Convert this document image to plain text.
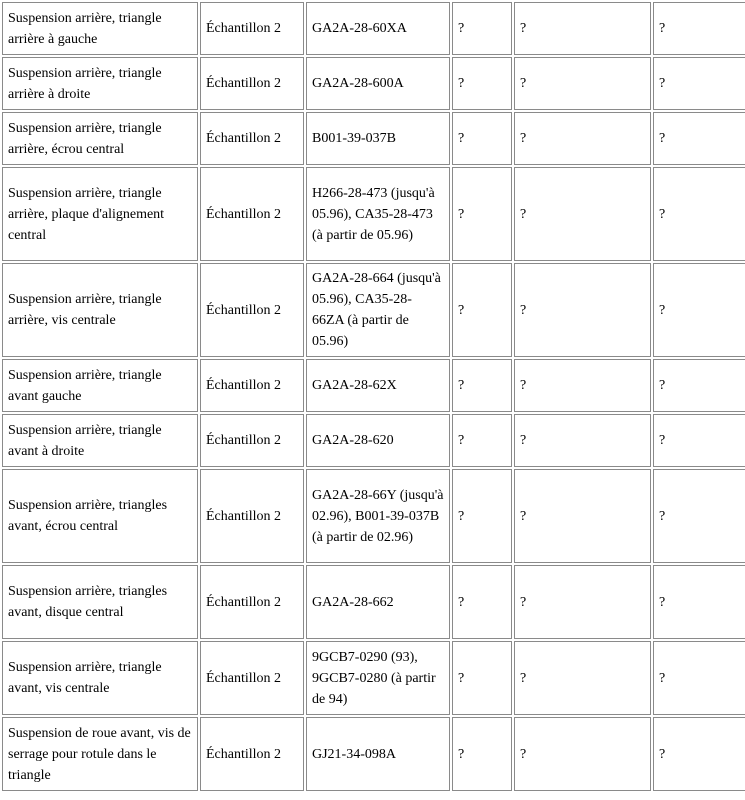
Suspension arrière, triangle arrière à gauche	Échantillon 2	GA2A-28-60XA	?	?	?
Suspension arrière, triangle arrière à droite	Échantillon 2	GA2A-28-600A	?	?	?
Suspension arrière, triangle arrière, écrou central	Échantillon 2	B001-39-037B	?	?	?
Suspension arrière, triangle arrière, plaque d'alignement central	Échantillon 2	H266-28-473 (jusqu'à 05.96), CA35-28-473 (à partir de 05.96)	?	?	?
Suspension arrière, triangle arrière, vis centrale	Échantillon 2	GA2A-28-664 (jusqu'à 05.96), CA35-28-66ZA (à partir de 05.96)	?	?	?
Suspension arrière, triangle avant gauche	Échantillon 2	GA2A-28-62X	?	?	?
Suspension arrière, triangle avant à droite	Échantillon 2	GA2A-28-620	?	?	?
Suspension arrière, triangles avant, écrou central	Échantillon 2	GA2A-28-66Y (jusqu'à 02.96), B001-39-037B (à partir de 02.96)	?	?	?
Suspension arrière, triangles avant, disque central	Échantillon 2	GA2A-28-662	?	?	?
Suspension arrière, triangle avant, vis centrale	Échantillon 2	9GCB7-0290 (93), 9GCB7-0280 (à partir de 94)	?	?	?
Suspension de roue avant, vis de serrage pour rotule dans le triangle	Échantillon 2	GJ21-34-098A	?	?	?
